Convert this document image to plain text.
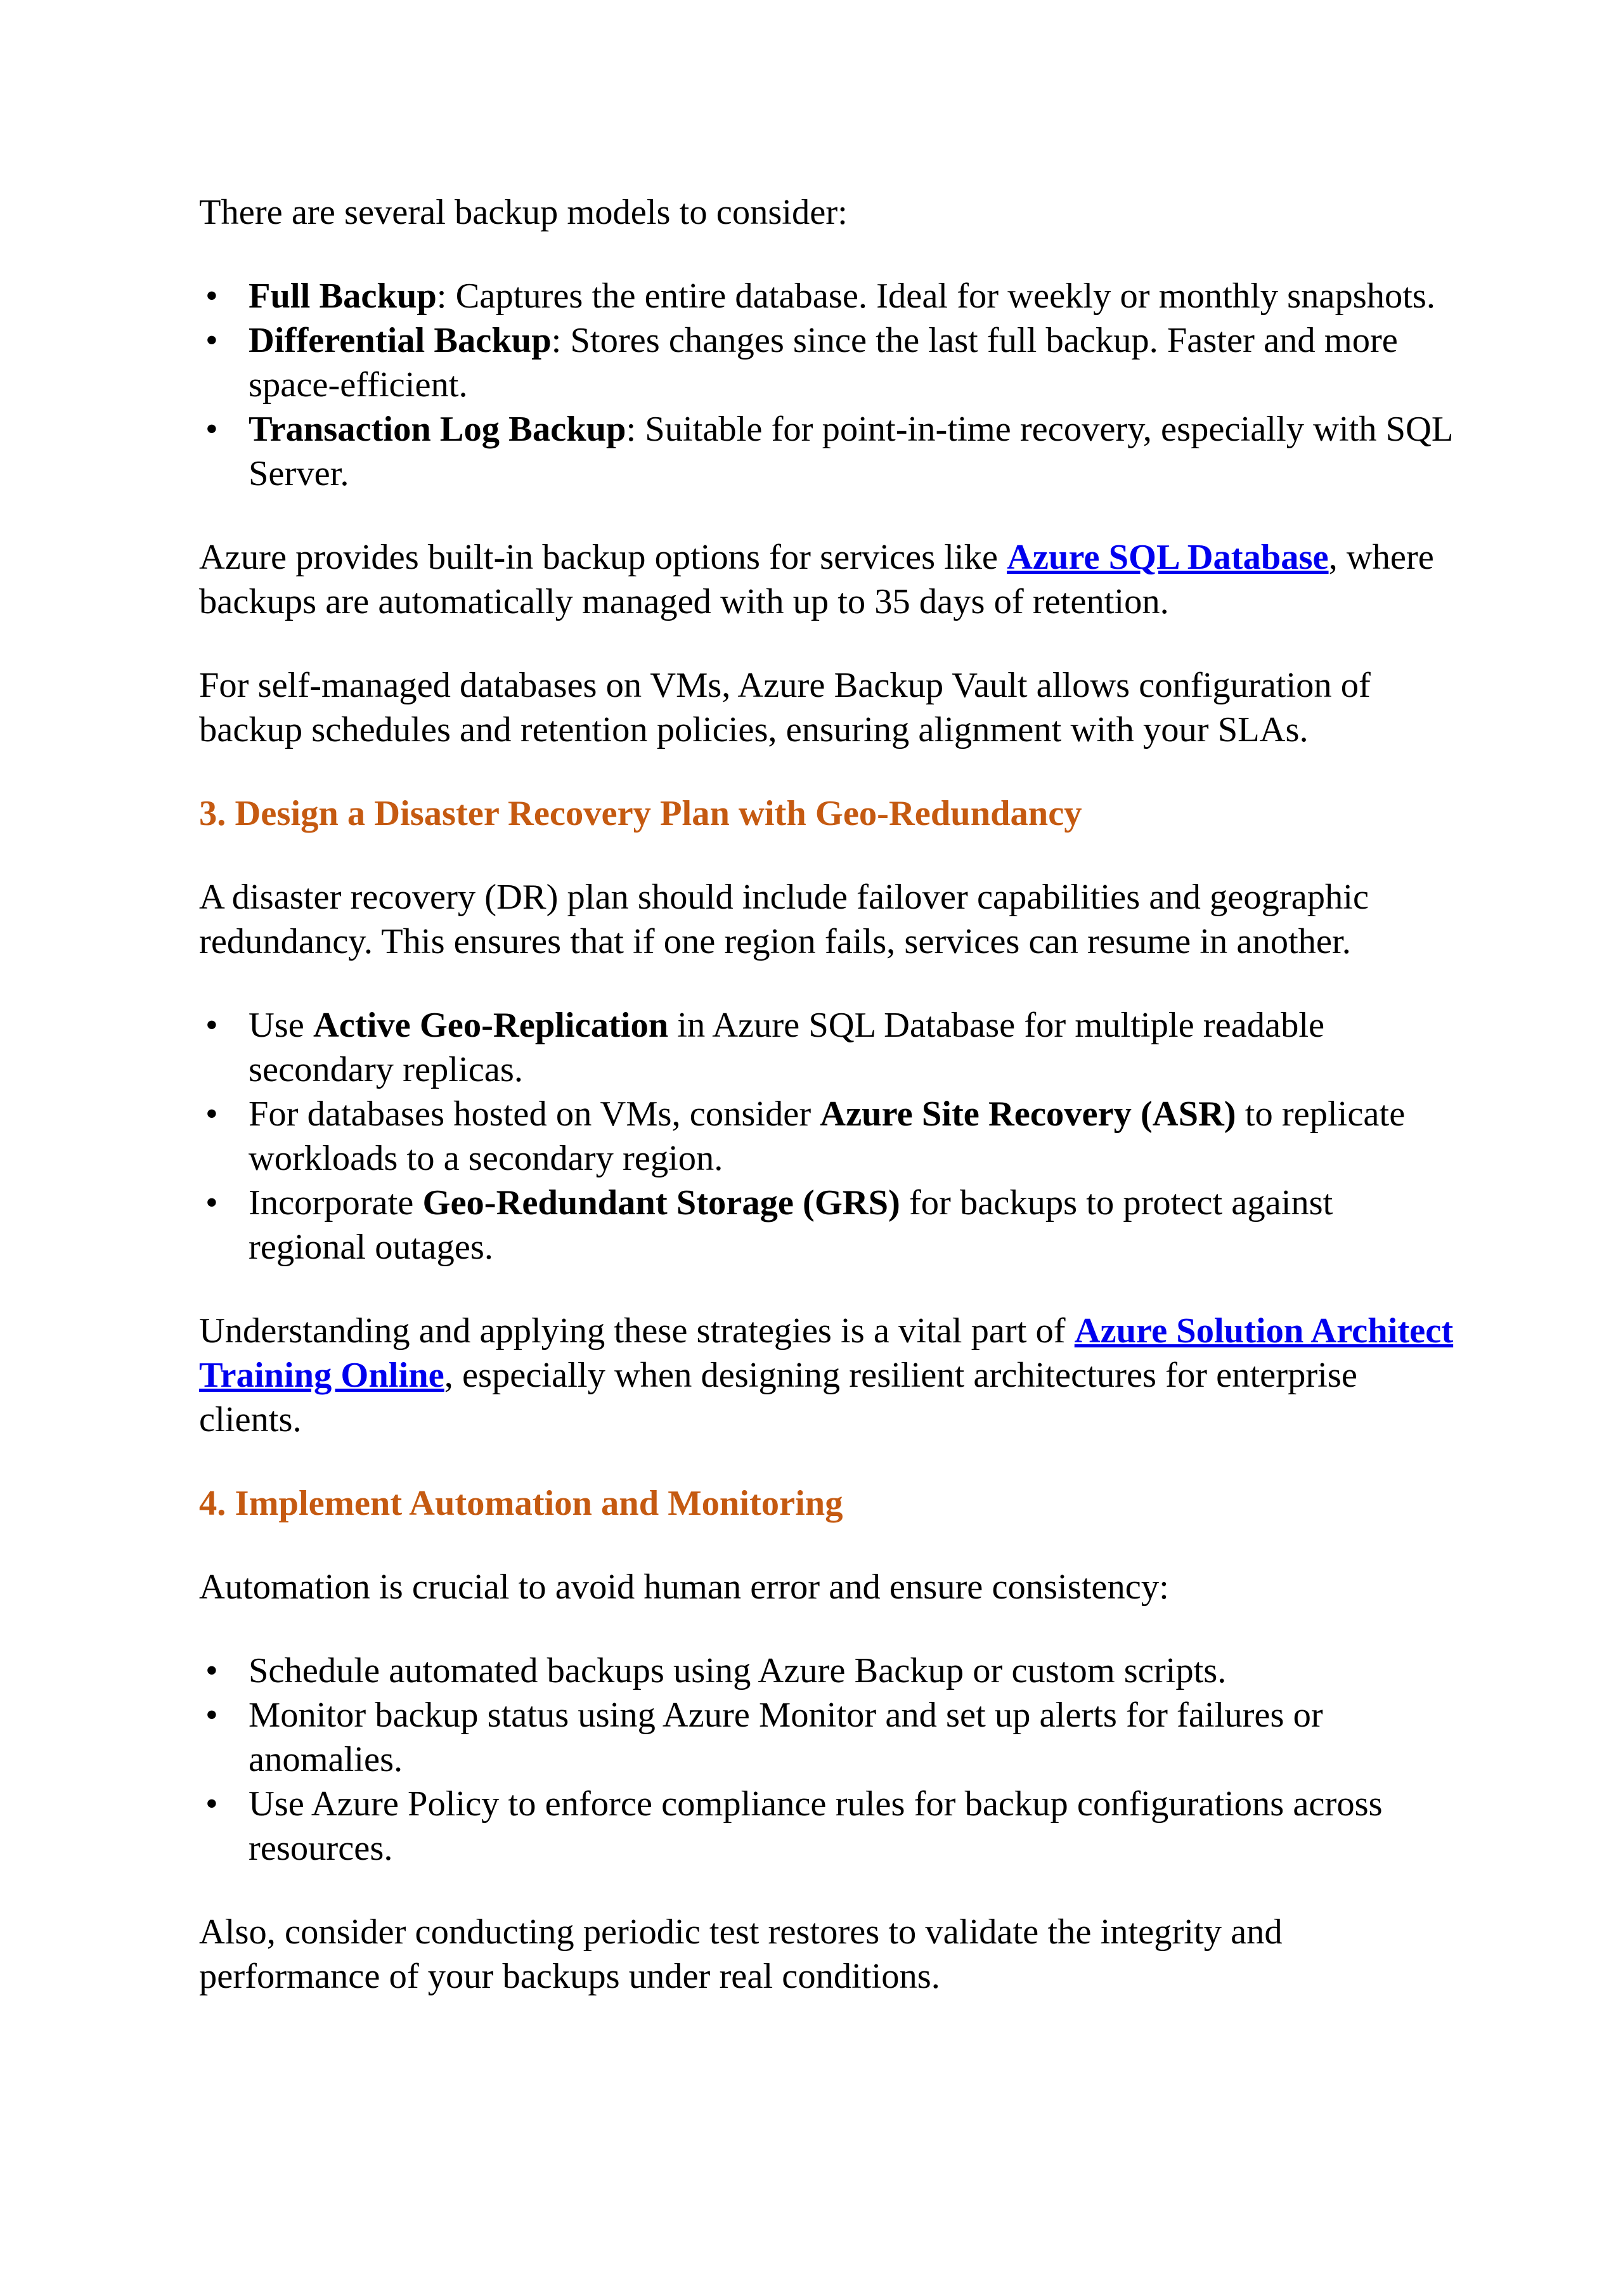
There are several backup models to consider:

• Full Backup: Captures the entire database. Ideal for weekly or monthly snapshots.
• Differential Backup: Stores changes since the last full backup. Faster and more space-efficient.
• Transaction Log Backup: Suitable for point-in-time recovery, especially with SQL Server.

Azure provides built-in backup options for services like Azure SQL Database, where backups are automatically managed with up to 35 days of retention.

For self-managed databases on VMs, Azure Backup Vault allows configuration of backup schedules and retention policies, ensuring alignment with your SLAs.

3. Design a Disaster Recovery Plan with Geo-Redundancy

A disaster recovery (DR) plan should include failover capabilities and geographic redundancy. This ensures that if one region fails, services can resume in another.

• Use Active Geo-Replication in Azure SQL Database for multiple readable secondary replicas.
• For databases hosted on VMs, consider Azure Site Recovery (ASR) to replicate workloads to a secondary region.
• Incorporate Geo-Redundant Storage (GRS) for backups to protect against regional outages.

Understanding and applying these strategies is a vital part of Azure Solution Architect Training Online, especially when designing resilient architectures for enterprise clients.

4. Implement Automation and Monitoring

Automation is crucial to avoid human error and ensure consistency:

• Schedule automated backups using Azure Backup or custom scripts.
• Monitor backup status using Azure Monitor and set up alerts for failures or anomalies.
• Use Azure Policy to enforce compliance rules for backup configurations across resources.

Also, consider conducting periodic test restores to validate the integrity and performance of your backups under real conditions.
